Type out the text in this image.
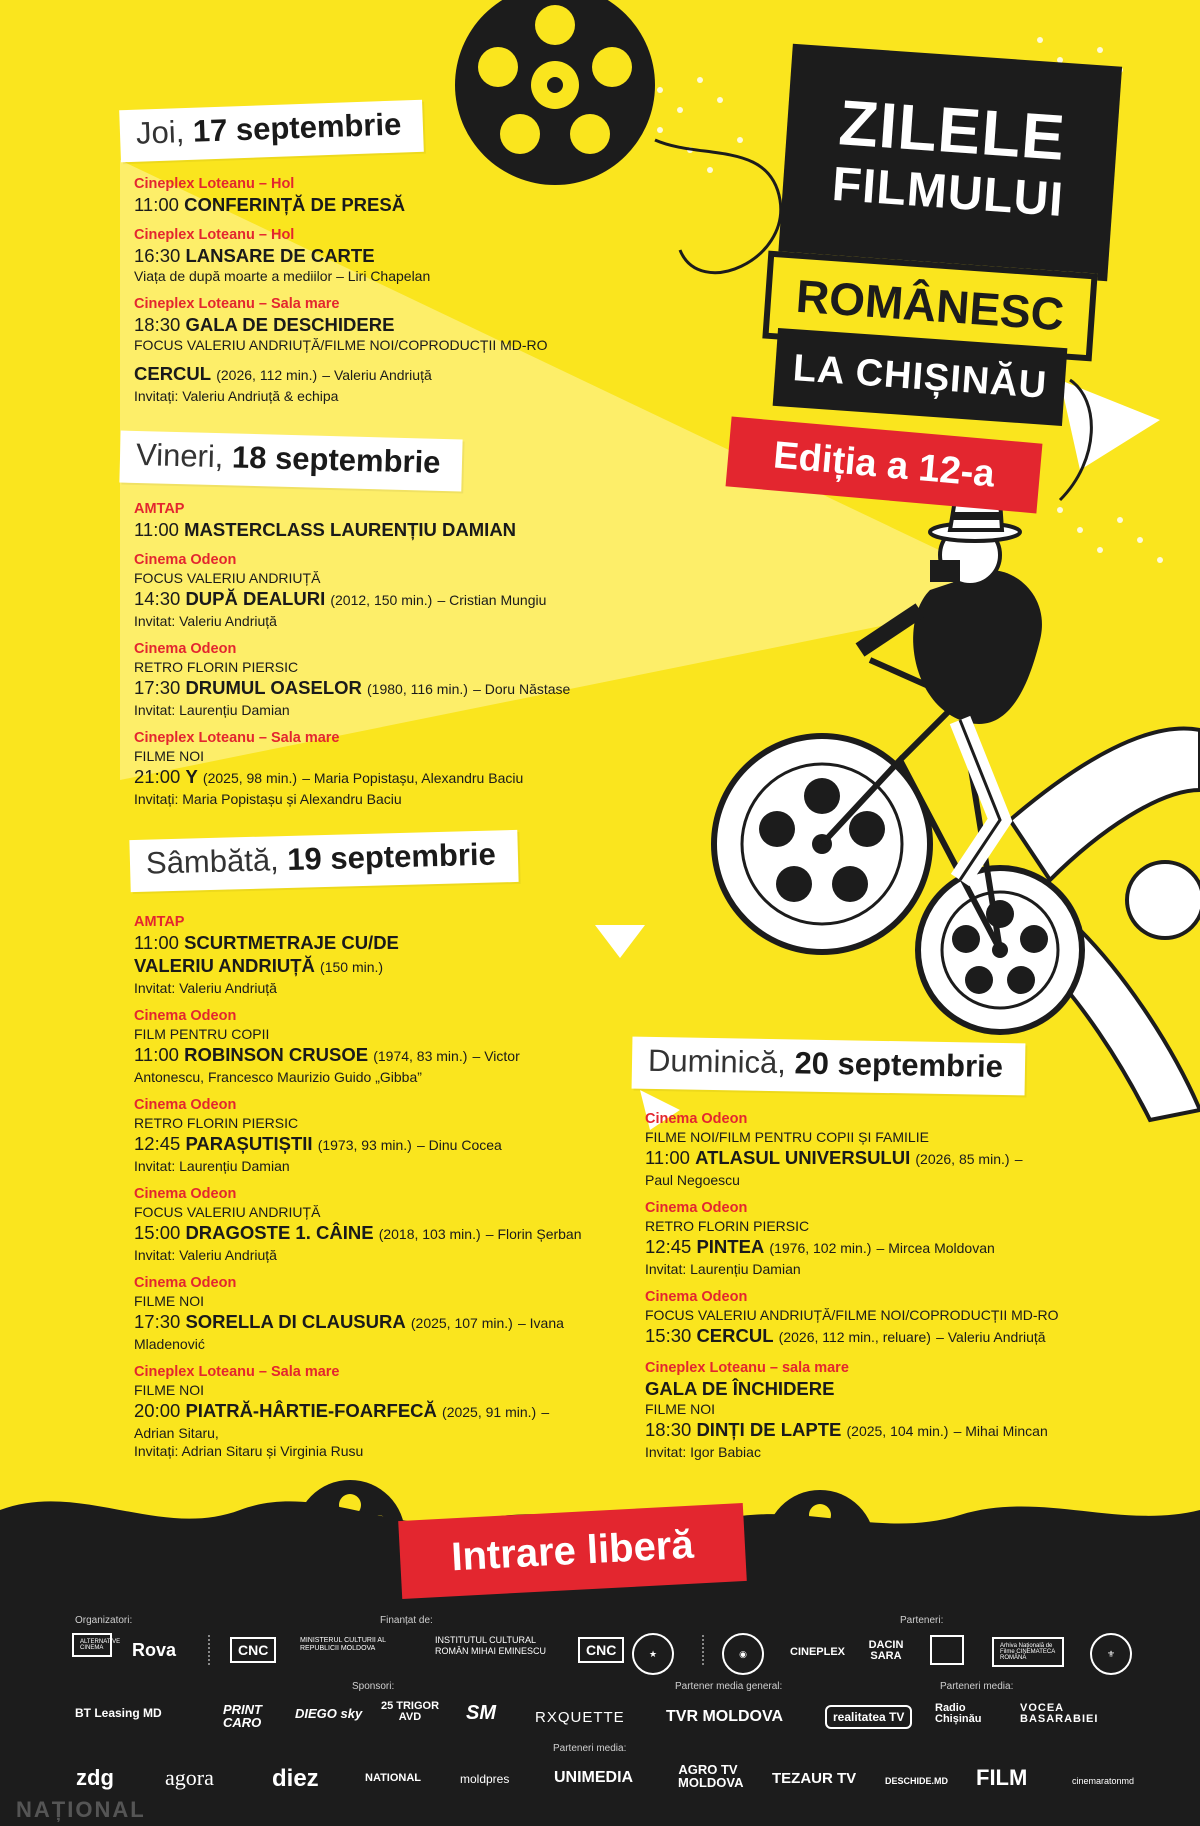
ZILELE
FILMULUI
ROMÂNESC
LA CHIȘINĂU
Ediția a 12-a
Joi, 17 septembrie
Cineplex Loteanu – Hol
11:00 CONFERINȚĂ DE PRESĂ
Cineplex Loteanu – Hol
16:30 LANSARE DE CARTE
Viața de după moarte a mediilor – Liri Chapelan
Cineplex Loteanu – Sala mare
18:30 GALA DE DESCHIDERE
FOCUS VALERIU ANDRIUȚĂ/FILME NOI/COPRODUCȚII MD-RO
CERCUL (2026, 112 min.) – Valeriu Andriuță
Invitați: Valeriu Andriuță & echipa
Vineri, 18 septembrie
AMTAP
11:00 MASTERCLASS LAURENȚIU DAMIAN
Cinema Odeon
FOCUS VALERIU ANDRIUȚĂ
14:30 DUPĂ DEALURI (2012, 150 min.) – Cristian Mungiu
Invitat: Valeriu Andriuță
Cinema Odeon
RETRO FLORIN PIERSIC
17:30 DRUMUL OASELOR (1980, 116 min.) – Doru Năstase
Invitat: Laurențiu Damian
Cineplex Loteanu – Sala mare
FILME NOI
21:00 Y (2025, 98 min.) – Maria Popistașu, Alexandru Baciu
Invitați: Maria Popistașu și Alexandru Baciu
Sâmbătă, 19 septembrie
AMTAP
11:00 SCURTMETRAJE CU/DE
VALERIU ANDRIUȚĂ (150 min.)
Invitat: Valeriu Andriuță
Cinema Odeon
FILM PENTRU COPII
11:00 ROBINSON CRUSOE (1974, 83 min.) – Victor
Antonescu, Francesco Maurizio Guido „Gibba”
Cinema Odeon
RETRO FLORIN PIERSIC
12:45 PARAȘUTIȘTII (1973, 93 min.) – Dinu Cocea
Invitat: Laurențiu Damian
Cinema Odeon
FOCUS VALERIU ANDRIUȚĂ
15:00 DRAGOSTE 1. CÂINE (2018, 103 min.) – Florin Șerban
Invitat: Valeriu Andriuță
Cinema Odeon
FILME NOI
17:30 SORELLA DI CLAUSURA (2025, 107 min.) – Ivana
Mladenović
Cineplex Loteanu – Sala mare
FILME NOI
20:00 PIATRĂ-HÂRTIE-FOARFECĂ (2025, 91 min.) –
Adrian Sitaru,
Invitați: Adrian Sitaru și Virginia Rusu
Duminică, 20 septembrie
Cinema Odeon
FILME NOI/FILM PENTRU COPII ȘI FAMILIE
11:00 ATLASUL UNIVERSULUI (2026, 85 min.) –
Paul Negoescu
Cinema Odeon
RETRO FLORIN PIERSIC
12:45 PINTEA (1976, 102 min.) – Mircea Moldovan
Invitat: Laurențiu Damian
Cinema Odeon
FOCUS VALERIU ANDRIUȚĂ/FILME NOI/COPRODUCȚII MD-RO
15:30 CERCUL (2026, 112 min., reluare) – Valeriu Andriuță
Cineplex Loteanu – sala mare
GALA DE ÎNCHIDERE
FILME NOI
18:30 DINȚI DE LAPTE (2025, 104 min.) – Mihai Mincan
Invitat: Igor Babiac
Intrare liberă
Organizatori:	Finanțat de:	Parteneri:
Sponsori:	Partener media general:	Parteneri media:
Parteneri media:
ALTERNATIVE CINEMA	Rova	CNC
MINISTERUL CULTURII AL REPUBLICII MOLDOVA
INSTITUTUL CULTURAL ROMÂN MIHAI EMINESCU	CNC	★	◉	CINEPLEX
DACIN SARA
Arhiva Națională de Filme CINEMATECA ROMÂNĂ	⚜
BT Leasing MD	PRINT CARO
DIEGO sky	25 TRIGOR AVD	SM	RXQUETTE	TVR MOLDOVA	realitatea TV
Radio Chișinău
VOCEA BASARABIEI
zdg agora diez	NATIONAL	moldpres	UNIMEDIA	AGRO TV MOLDOVA TEZAUR TV	DESCHIDE.MD FILM	cinemaratonmd
NAȚIONAL
